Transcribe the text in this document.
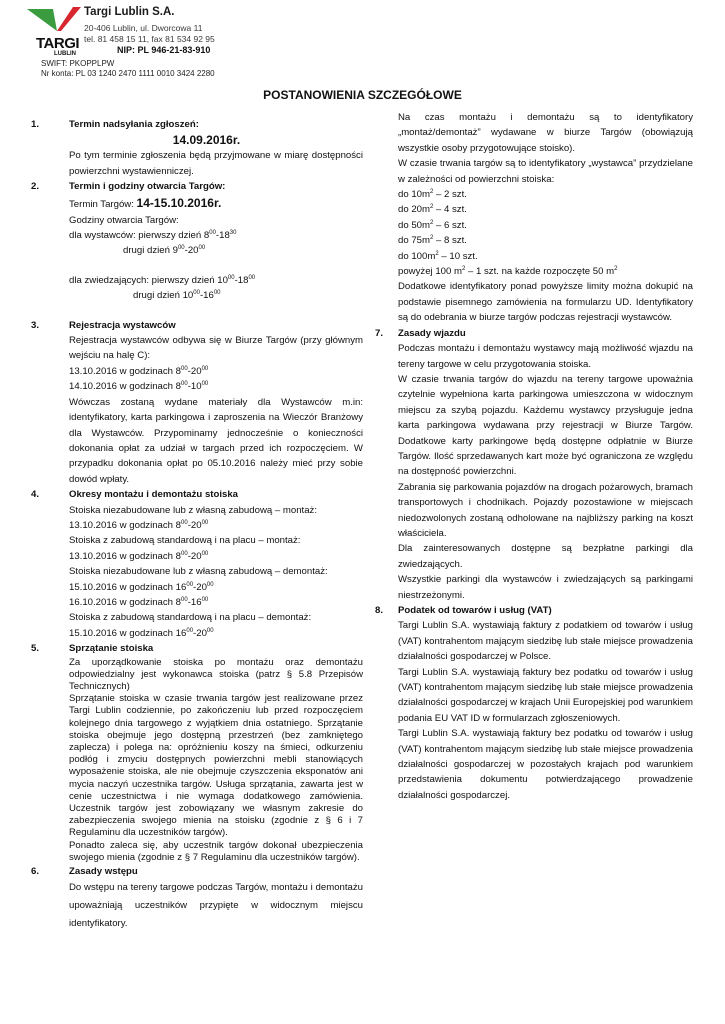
TARGI
LUBLIN
Targi Lublin S.A.
20-406 Lublin, ul. Dworcowa 11
tel. 81 458 15 11, fax 81 534 92 95
NIP: PL 946-21-83-910
SWIFT: PKOPPLPW
Nr konta: PL 03 1240 2470 1111 0010 3424 2280
POSTANOWIENIA SZCZEGÓŁOWE
1.	Termin nadsyłania zgłoszeń:
14.09.2016r.
Po tym terminie zgłoszenia będą przyjmowane w miarę dostępności powierzchni wystawienniczej.
2.	Termin i godziny otwarcia Targów:
Termin Targów: 14-15.10.2016r.
Godziny otwarcia Targów:
dla wystawców: pierwszy dzień $8^{00}-18^{30}$
drugi dzień $9^{00}-20^{00}$
dla zwiedzających: pierwszy dzień $10^{00}-18^{00}$
drugi dzień $10^{00}-16^{00}$
3.	Rejestracja wystawców
Rejestracja wystawców odbywa się w Biurze Targów (przy głównym wejściu na halę C):
13.10.2016 w godzinach $8^{00}-20^{00}$
14.10.2016 w godzinach $8^{00}-10^{00}$
Wówczas zostaną wydane materiały dla Wystawców m.in: identyfikatory, karta parkingowa i zaproszenia na Wieczór Branżowy dla Wystawców. Przypominamy jednocześnie o konieczności dokonania opłat za udział w targach przed ich rozpoczęciem. W przypadku dokonania opłat po 05.10.2016 należy mieć przy sobie dowód wpłaty.
4.	Okresy montażu i demontażu stoiska
Stoiska niezabudowane lub z własną zabudową – montaż:
13.10.2016 w godzinach $8^{00}-20^{00}$
Stoiska z zabudową standardową i na placu – montaż:
13.10.2016 w godzinach $8^{00}-20^{00}$
Stoiska niezabudowane lub z własną zabudową – demontaż:
15.10.2016 w godzinach $16^{00}-20^{00}$
16.10.2016 w godzinach $8^{00}-16^{00}$
Stoiska z zabudową standardową i na placu – demontaż:
15.10.2016 w godzinach $16^{00}-20^{00}$
5.	Sprzątanie stoiska
Za uporządkowanie stoiska po montażu oraz demontażu odpowiedzialny jest wykonawca stoiska (patrz § 5.8 Przepisów Technicznych)
Sprzątanie stoiska w czasie trwania targów jest realizowane przez Targi Lublin codziennie, po zakończeniu lub przed rozpoczęciem kolejnego dnia targowego z wyjątkiem dnia ostatniego. Sprzątanie stoiska obejmuje jego dostępną przestrzeń (bez zamkniętego zaplecza) i polega na: opróżnieniu koszy na śmieci, odkurzeniu podłóg i zmyciu dostępnych powierzchni mebli stanowiących wyposażenie stoiska, ale nie obejmuje czyszczenia eksponatów ani mycia naczyń uczestnika targów. Usługa sprzątania, zawarta jest w cenie uczestnictwa i nie wymaga dodatkowego zamówienia. Uczestnik targów jest zobowiązany we własnym zakresie do zabezpieczenia swojego mienia na stoisku (zgodnie z § 6 i 7 Regulaminu dla uczestników targów).
Ponadto zaleca się, aby uczestnik targów dokonał ubezpieczenia swojego mienia (zgodnie z § 7 Regulaminu dla uczestników targów).
6.	Zasady wstępu
Do wstępu na tereny targowe podczas Targów, montażu i demontażu upoważniają uczestników przypięte w widocznym miejscu identyfikatory.
Na czas montażu i demontażu są to identyfikatory „montaż/demontaż” wydawane w biurze Targów (obowiązują wszystkie osoby przygotowujące stoisko).
W czasie trwania targów są to identyfikatory „wystawca” przydzielane w zależności od powierzchni stoiska:
do $10m^2 - 2$ szt.
do $20m^2 - 4$ szt.
do $50m^2 - 6$ szt.
do $75m^2 - 8$ szt.
do $100m^2 - 10$ szt.
powyżej 100 $m^2 - 1$ szt. na każde rozpoczęte 50 $m^2$
Dodatkowe identyfikatory ponad powyższe limity można dokupić na podstawie pisemnego zamówienia na formularzu UD. Identyfikatory są do odebrania w biurze targów podczas rejestracji wystawców.
7. Zasady wjazdu
Podczas montażu i demontażu wystawcy mają możliwość wjazdu na tereny targowe w celu przygotowania stoiska.
W czasie trwania targów do wjazdu na tereny targowe upoważnia czytelnie wypełniona karta parkingowa umieszczona w widocznym miejscu za szybą pojazdu. Każdemu wystawcy przysługuje jedna karta parkingowa wydawana przy rejestracji w Biurze Targów. Dodatkowe karty parkingowe będą dostępne odpłatnie w Biurze Targów. Ilość sprzedawanych kart może być ograniczona ze względu na dostępność powierzchni.
Zabrania się parkowania pojazdów na drogach pożarowych, bramach transportowych i chodnikach. Pojazdy pozostawione w miejscach niedozwolonych zostaną odholowane na najbliższy parking na koszt właściciela.
Dla zainteresowanych dostępne są bezpłatne parkingi dla zwiedzających.
Wszystkie parkingi dla wystawców i zwiedzających są parkingami niestrzeżonymi.
8. Podatek od towarów i usług (VAT)
Targi Lublin S.A. wystawiają faktury z podatkiem od towarów i usług (VAT) kontrahentom mającym siedzibę lub stałe miejsce prowadzenia działalności gospodarczej w Polsce.
Targi Lublin S.A. wystawiają faktury bez podatku od towarów i usług (VAT) kontrahentom mającym siedzibę lub stałe miejsce prowadzenia działalności gospodarczej w krajach Unii Europejskiej pod warunkiem podania EU VAT ID w formularzach zgłoszeniowych.
Targi Lublin S.A. wystawiają faktury bez podatku od towarów i usług (VAT) kontrahentom mającym siedzibę lub stałe miejsce prowadzenia działalności gospodarczej w pozostałych krajach pod warunkiem przedstawienia dokumentu potwierdzającego prowadzenie działalności gospodarczej.
